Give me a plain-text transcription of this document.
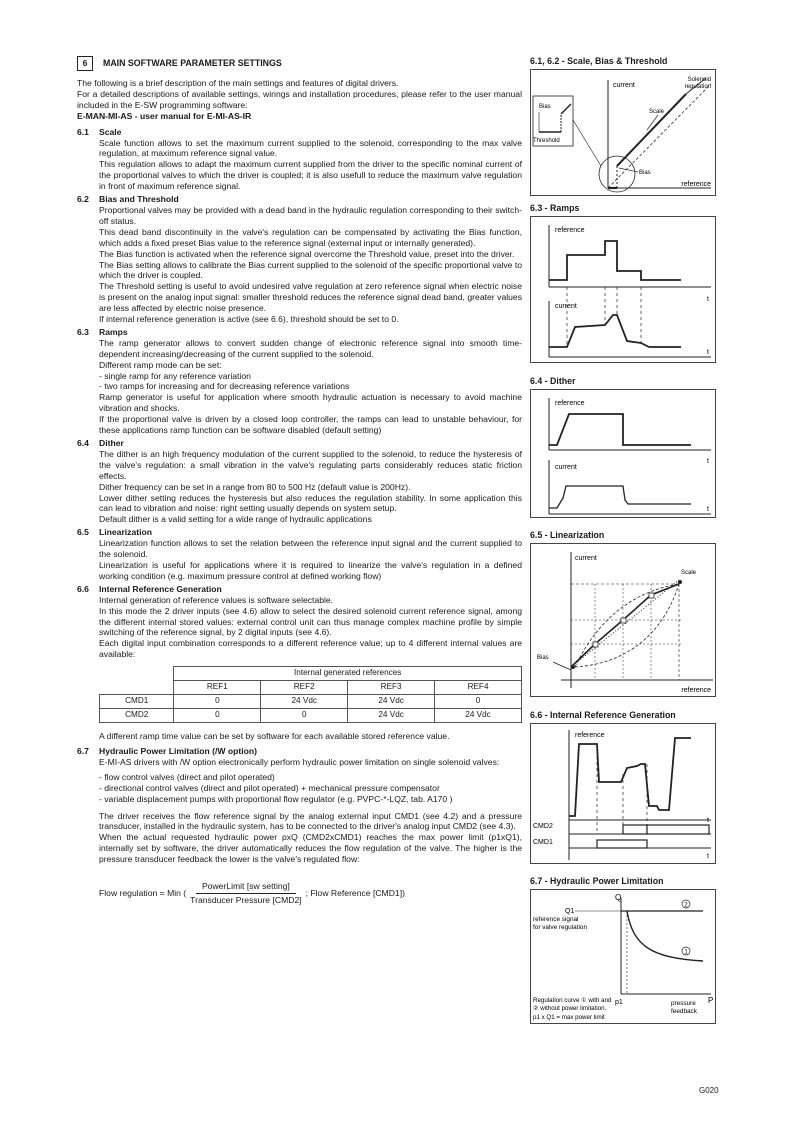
6	MAIN SOFTWARE PARAMETER SETTINGS

The following is a brief description of the main settings and features of digital drivers.

For a detailed descriptions of available settings, wirings and installation procedures, please refer to the user manual included in the E-SW programming software:

E-MAN-MI-AS - user manual for E-MI-AS-IR

6.1	Scale

Scale function allows to set the maximum current supplied to the solenoid, corresponding to the max valve regulation, at maximum reference signal value.

This regulation allows to adapt the maximum current supplied from the driver to the specific nominal current of the proportional valves to which the driver is coupled; it is also usefull to reduce the maximum valve regulation in front of maximum reference signal.

6.2	Bias and Threshold

Proportional valves may be provided with a dead band in the hydraulic regulation corresponding to their switch-off status.

This dead band discontinuity in the valve's regulation can be compensated by activating the Bias function, which adds a fixed preset Bias value to the reference signal (external input or internally generated).

The Bias function is activated when the reference signal overcome the Threshold value, preset into the driver.

The Bias setting allows to calibrate the Bias current supplied to the solenoid of the specific proportional valve to which the driver is coupled.

The Threshold setting is useful to avoid undesired valve regulation at zero reference signal when electric noise is present on the analog input signal: smaller threshold reduces the reference signal dead band, greater values are less affected by electric noise presence.

If internal reference generation is active (see 6.6), threshold should be set to 0.

6.3	Ramps

The ramp generator allows to convert sudden change of electronic reference signal into smooth time-dependent increasing/decreasing of the current supplied to the solenoid.

Different ramp mode can be set:

- single ramp for any reference variation

- two ramps for increasing and for decreasing reference variations

Ramp generator is useful for application where smooth hydraulic actuation is necessary to avoid machine vibration and shocks.

If the proportional valve is driven by a closed loop controller, the ramps can lead to unstable behaviour, for these applications ramp function can be software disabled (default setting)

6.4	Dither

The dither is an high frequency modulation of the current supplied to the solenoid, to reduce the hysteresis of the valve's regulation: a small vibration in the valve's regulating parts considerably reduces static friction effects.

Dither frequency can be set in a range from 80 to 500 Hz (default value is 200Hz).

Lower dither setting reduces the hysteresis but also reduces the regulation stability. In some application this can lead to vibration and noise: right setting usually depends on system setup.

Default dither is a valid setting for a wide range of hydraulic applications

6.5	Linearization

Linearization function allows to set the relation between the reference input signal and the current supplied to the solenoid.

Linearization is useful for applications where it is required to linearize the valve's regulation in a defined working condition (e.g. maximum pressure control at defined working flow)

6.6	Internal Reference Generation

Internal generation of reference values is software selectable.

In this mode the 2 driver inputs (see 4.6) allow to select the desired solenoid current reference signal, among the different internal stored values: external control unit can thus manage complex machine profile by simple switching of the reference signal, by 2 digital inputs (see 4.6).

Each digital input combination corresponds to a different reference value; up to 4 different internal values are available:

	Internal generated references			
	REF1	REF2	REF3	REF4
CMD1	0	24 Vdc	24 Vdc	0
CMD2	0	0	24 Vdc	24 Vdc

A different ramp time value can be set by software for each available stored reference value.

6.7	Hydraulic Power Limitation (/W option)

E-MI-AS drivers with /W option electronically perform hydraulic power limitation on single solenoid valves:

- flow control valves (direct and pilot operated)

- directional control valves (direct and pilot operated) + mechanical pressure compensator

- variable displacement pumps with proportional flow regulator (e.g. PVPC-*-LQZ, tab. A170 )

The driver receives the flow reference signal by the analog external input CMD1 (see 4.2) and a pressure transducer, installed in the hydraulic system, has to be connected to the driver's analog input CMD2 (see 4.3).

When the actual requested hydraulic power pxQ (CMD2xCMD1) reaches the max power limit (p1xQ1), internally set by software, the driver automatically reduces the flow regulation of the valve. The higher is the pressure transducer feedback the lower is the valve's regulated flow:

Flow regulation = Min ( $\frac{\text{PowerLimit [sw setting]}}{\text{Transducer Pressure [CMD2]}}$ ; Flow Reference [CMD1])
6.1, 6.2 - Scale, Bias & Threshold
current
Solenoid
regulation
reference
Scale
Bias
Bias
Threshold
6.3 - Ramps
reference
t
current
t
6.4 - Dither
reference
t
current
t
6.5 - Linearization
current
reference
Scale
Bias
6.6 - Internal Reference Generation
reference
t
CMD2
CMD1
t
6.7 - Hydraulic Power Limitation
Q
Q1
reference signal
for valve regulation
2
1
p1	pressure P
feedback
Regulation curve ① with and
② without power limitation.
p1 x Q1 = max power limit
G020
